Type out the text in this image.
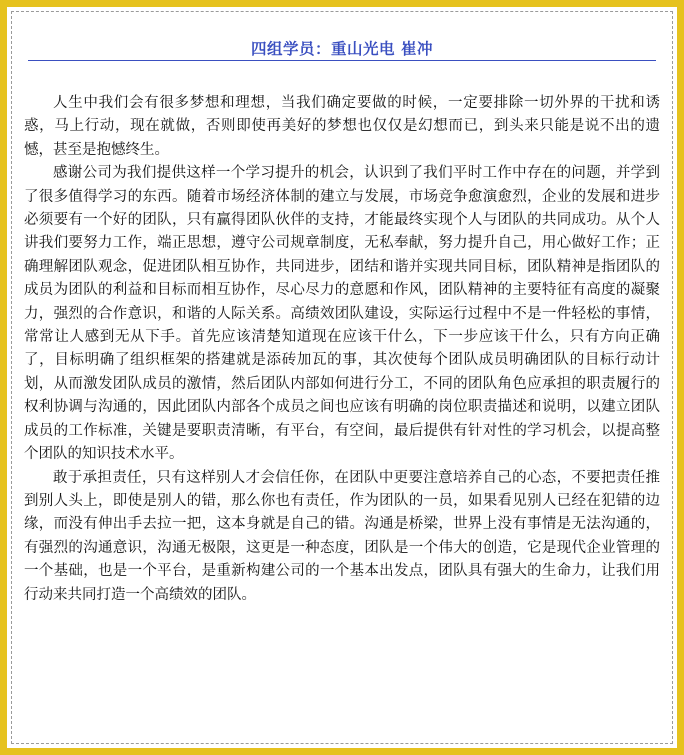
四组学员：重山光电 崔冲

人生中我们会有很多梦想和理想，当我们确定要做的时候，一定要排除一切外界的干扰和诱惑，马上行动，现在就做，否则即使再美好的梦想也仅仅是幻想而已，到头来只能是说不出的遗憾，甚至是抱憾终生。

感谢公司为我们提供这样一个学习提升的机会，认识到了我们平时工作中存在的问题，并学到了很多值得学习的东西。随着市场经济体制的建立与发展，市场竞争愈演愈烈，企业的发展和进步必须要有一个好的团队，只有赢得团队伙伴的支持，才能最终实现个人与团队的共同成功。从个人讲我们要努力工作，端正思想，遵守公司规章制度，无私奉献，努力提升自己，用心做好工作；正确理解团队观念，促进团队相互协作，共同进步，团结和谐并实现共同目标，团队精神是指团队的成员为团队的利益和目标而相互协作，尽心尽力的意愿和作风，团队精神的主要特征有高度的凝聚力，强烈的合作意识，和谐的人际关系。高绩效团队建设，实际运行过程中不是一件轻松的事情，常常让人感到无从下手。首先应该清楚知道现在应该干什么，下一步应该干什么，只有方向正确了，目标明确了组织框架的搭建就是添砖加瓦的事，其次使每个团队成员明确团队的目标行动计划，从而激发团队成员的激情，然后团队内部如何进行分工，不同的团队角色应承担的职责履行的权利协调与沟通的，因此团队内部各个成员之间也应该有明确的岗位职责描述和说明，以建立团队成员的工作标准，关键是要职责清晰，有平台，有空间，最后提供有针对性的学习机会，以提高整个团队的知识技术水平。

敢于承担责任，只有这样别人才会信任你，在团队中更要注意培养自己的心态，不要把责任推到别人头上，即使是别人的错，那么你也有责任，作为团队的一员，如果看见别人已经在犯错的边缘，而没有伸出手去拉一把，这本身就是自己的错。沟通是桥梁，世界上没有事情是无法沟通的，有强烈的沟通意识，沟通无极限，这更是一种态度，团队是一个伟大的创造，它是现代企业管理的一个基础，也是一个平台，是重新构建公司的一个基本出发点，团队具有强大的生命力，让我们用行动来共同打造一个高绩效的团队。
